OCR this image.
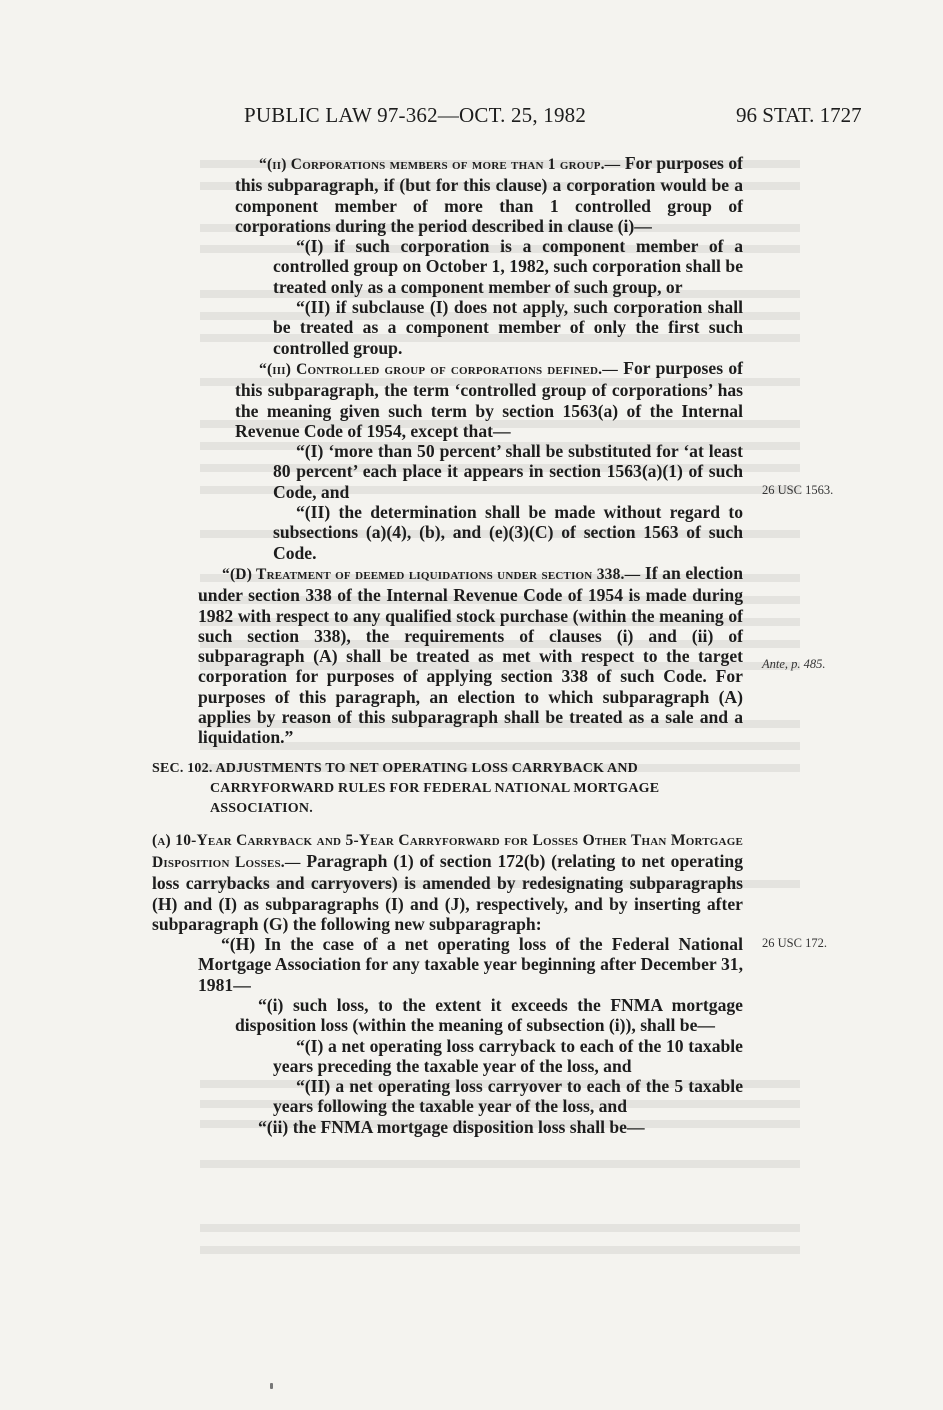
PUBLIC LAW 97-362—OCT. 25, 1982	96 STAT. 1727
26 USC 1563.
Ante, p. 485.
26 USC 172.

“(ii) Corporations members of more than 1 group.— For purposes of this subparagraph, if (but for this clause) a corporation would be a component member of more than 1 controlled group of corporations during the period described in clause (i)—

“(I) if such corporation is a component member of a controlled group on October 1, 1982, such corporation shall be treated only as a component member of such group, or

“(II) if subclause (I) does not apply, such corporation shall be treated as a component member of only the first such controlled group.

“(iii) Controlled group of corporations defined.— For purposes of this subparagraph, the term ‘controlled group of corporations’ has the meaning given such term by section 1563(a) of the Internal Revenue Code of 1954, except that—

“(I) ‘more than 50 percent’ shall be substituted for ‘at least 80 percent’ each place it appears in section 1563(a)(1) of such Code, and

“(II) the determination shall be made without regard to subsections (a)(4), (b), and (e)(3)(C) of section 1563 of such Code.

“(D) Treatment of deemed liquidations under section 338.— If an election under section 338 of the Internal Revenue Code of 1954 is made during 1982 with respect to any qualified stock purchase (within the meaning of such section 338), the requirements of clauses (i) and (ii) of subparagraph (A) shall be treated as met with respect to the target corporation for purposes of applying section 338 of such Code. For purposes of this paragraph, an election to which subparagraph (A) applies by reason of this subparagraph shall be treated as a sale and a liquidation.”

SEC. 102. ADJUSTMENTS TO NET OPERATING LOSS CARRYBACK AND CARRYFORWARD RULES FOR FEDERAL NATIONAL MORTGAGE ASSOCIATION.

(a) 10-Year Carryback and 5-Year Carryforward for Losses Other Than Mortgage Disposition Losses.— Paragraph (1) of section 172(b) (relating to net operating loss carrybacks and carryovers) is amended by redesignating subparagraphs (H) and (I) as subparagraphs (I) and (J), respectively, and by inserting after subparagraph (G) the following new subparagraph:

“(H) In the case of a net operating loss of the Federal National Mortgage Association for any taxable year beginning after December 31, 1981—

“(i) such loss, to the extent it exceeds the FNMA mortgage disposition loss (within the meaning of subsection (i)), shall be—

“(I) a net operating loss carryback to each of the 10 taxable years preceding the taxable year of the loss, and

“(II) a net operating loss carryover to each of the 5 taxable years following the taxable year of the loss, and

“(ii) the FNMA mortgage disposition loss shall be—
